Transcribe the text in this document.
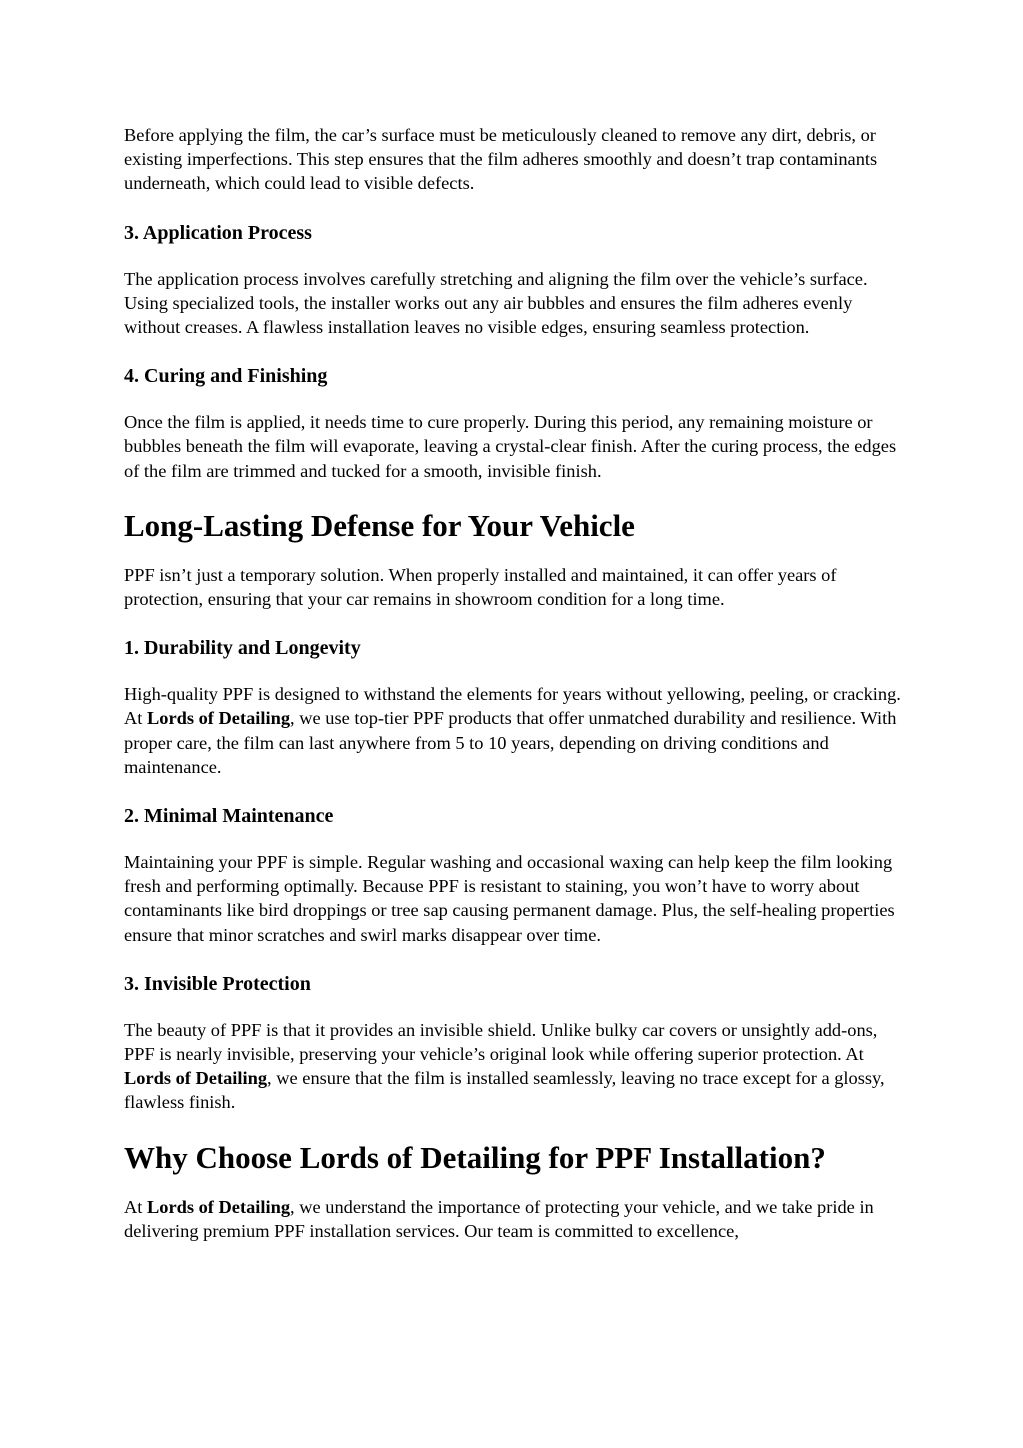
Before applying the film, the car’s surface must be meticulously cleaned to remove any dirt, debris, or existing imperfections. This step ensures that the film adheres smoothly and doesn’t trap contaminants underneath, which could lead to visible defects.

3. Application Process

The application process involves carefully stretching and aligning the film over the vehicle’s surface. Using specialized tools, the installer works out any air bubbles and ensures the film adheres evenly without creases. A flawless installation leaves no visible edges, ensuring seamless protection.

4. Curing and Finishing

Once the film is applied, it needs time to cure properly. During this period, any remaining moisture or bubbles beneath the film will evaporate, leaving a crystal-clear finish. After the curing process, the edges of the film are trimmed and tucked for a smooth, invisible finish.

Long-Lasting Defense for Your Vehicle

PPF isn’t just a temporary solution. When properly installed and maintained, it can offer years of protection, ensuring that your car remains in showroom condition for a long time.

1. Durability and Longevity

High-quality PPF is designed to withstand the elements for years without yellowing, peeling, or cracking. At Lords of Detailing, we use top-tier PPF products that offer unmatched durability and resilience. With proper care, the film can last anywhere from 5 to 10 years, depending on driving conditions and maintenance.

2. Minimal Maintenance

Maintaining your PPF is simple. Regular washing and occasional waxing can help keep the film looking fresh and performing optimally. Because PPF is resistant to staining, you won’t have to worry about contaminants like bird droppings or tree sap causing permanent damage. Plus, the self-healing properties ensure that minor scratches and swirl marks disappear over time.

3. Invisible Protection

The beauty of PPF is that it provides an invisible shield. Unlike bulky car covers or unsightly add-ons, PPF is nearly invisible, preserving your vehicle’s original look while offering superior protection. At Lords of Detailing, we ensure that the film is installed seamlessly, leaving no trace except for a glossy, flawless finish.

Why Choose Lords of Detailing for PPF Installation?

At Lords of Detailing, we understand the importance of protecting your vehicle, and we take pride in delivering premium PPF installation services. Our team is committed to excellence,
